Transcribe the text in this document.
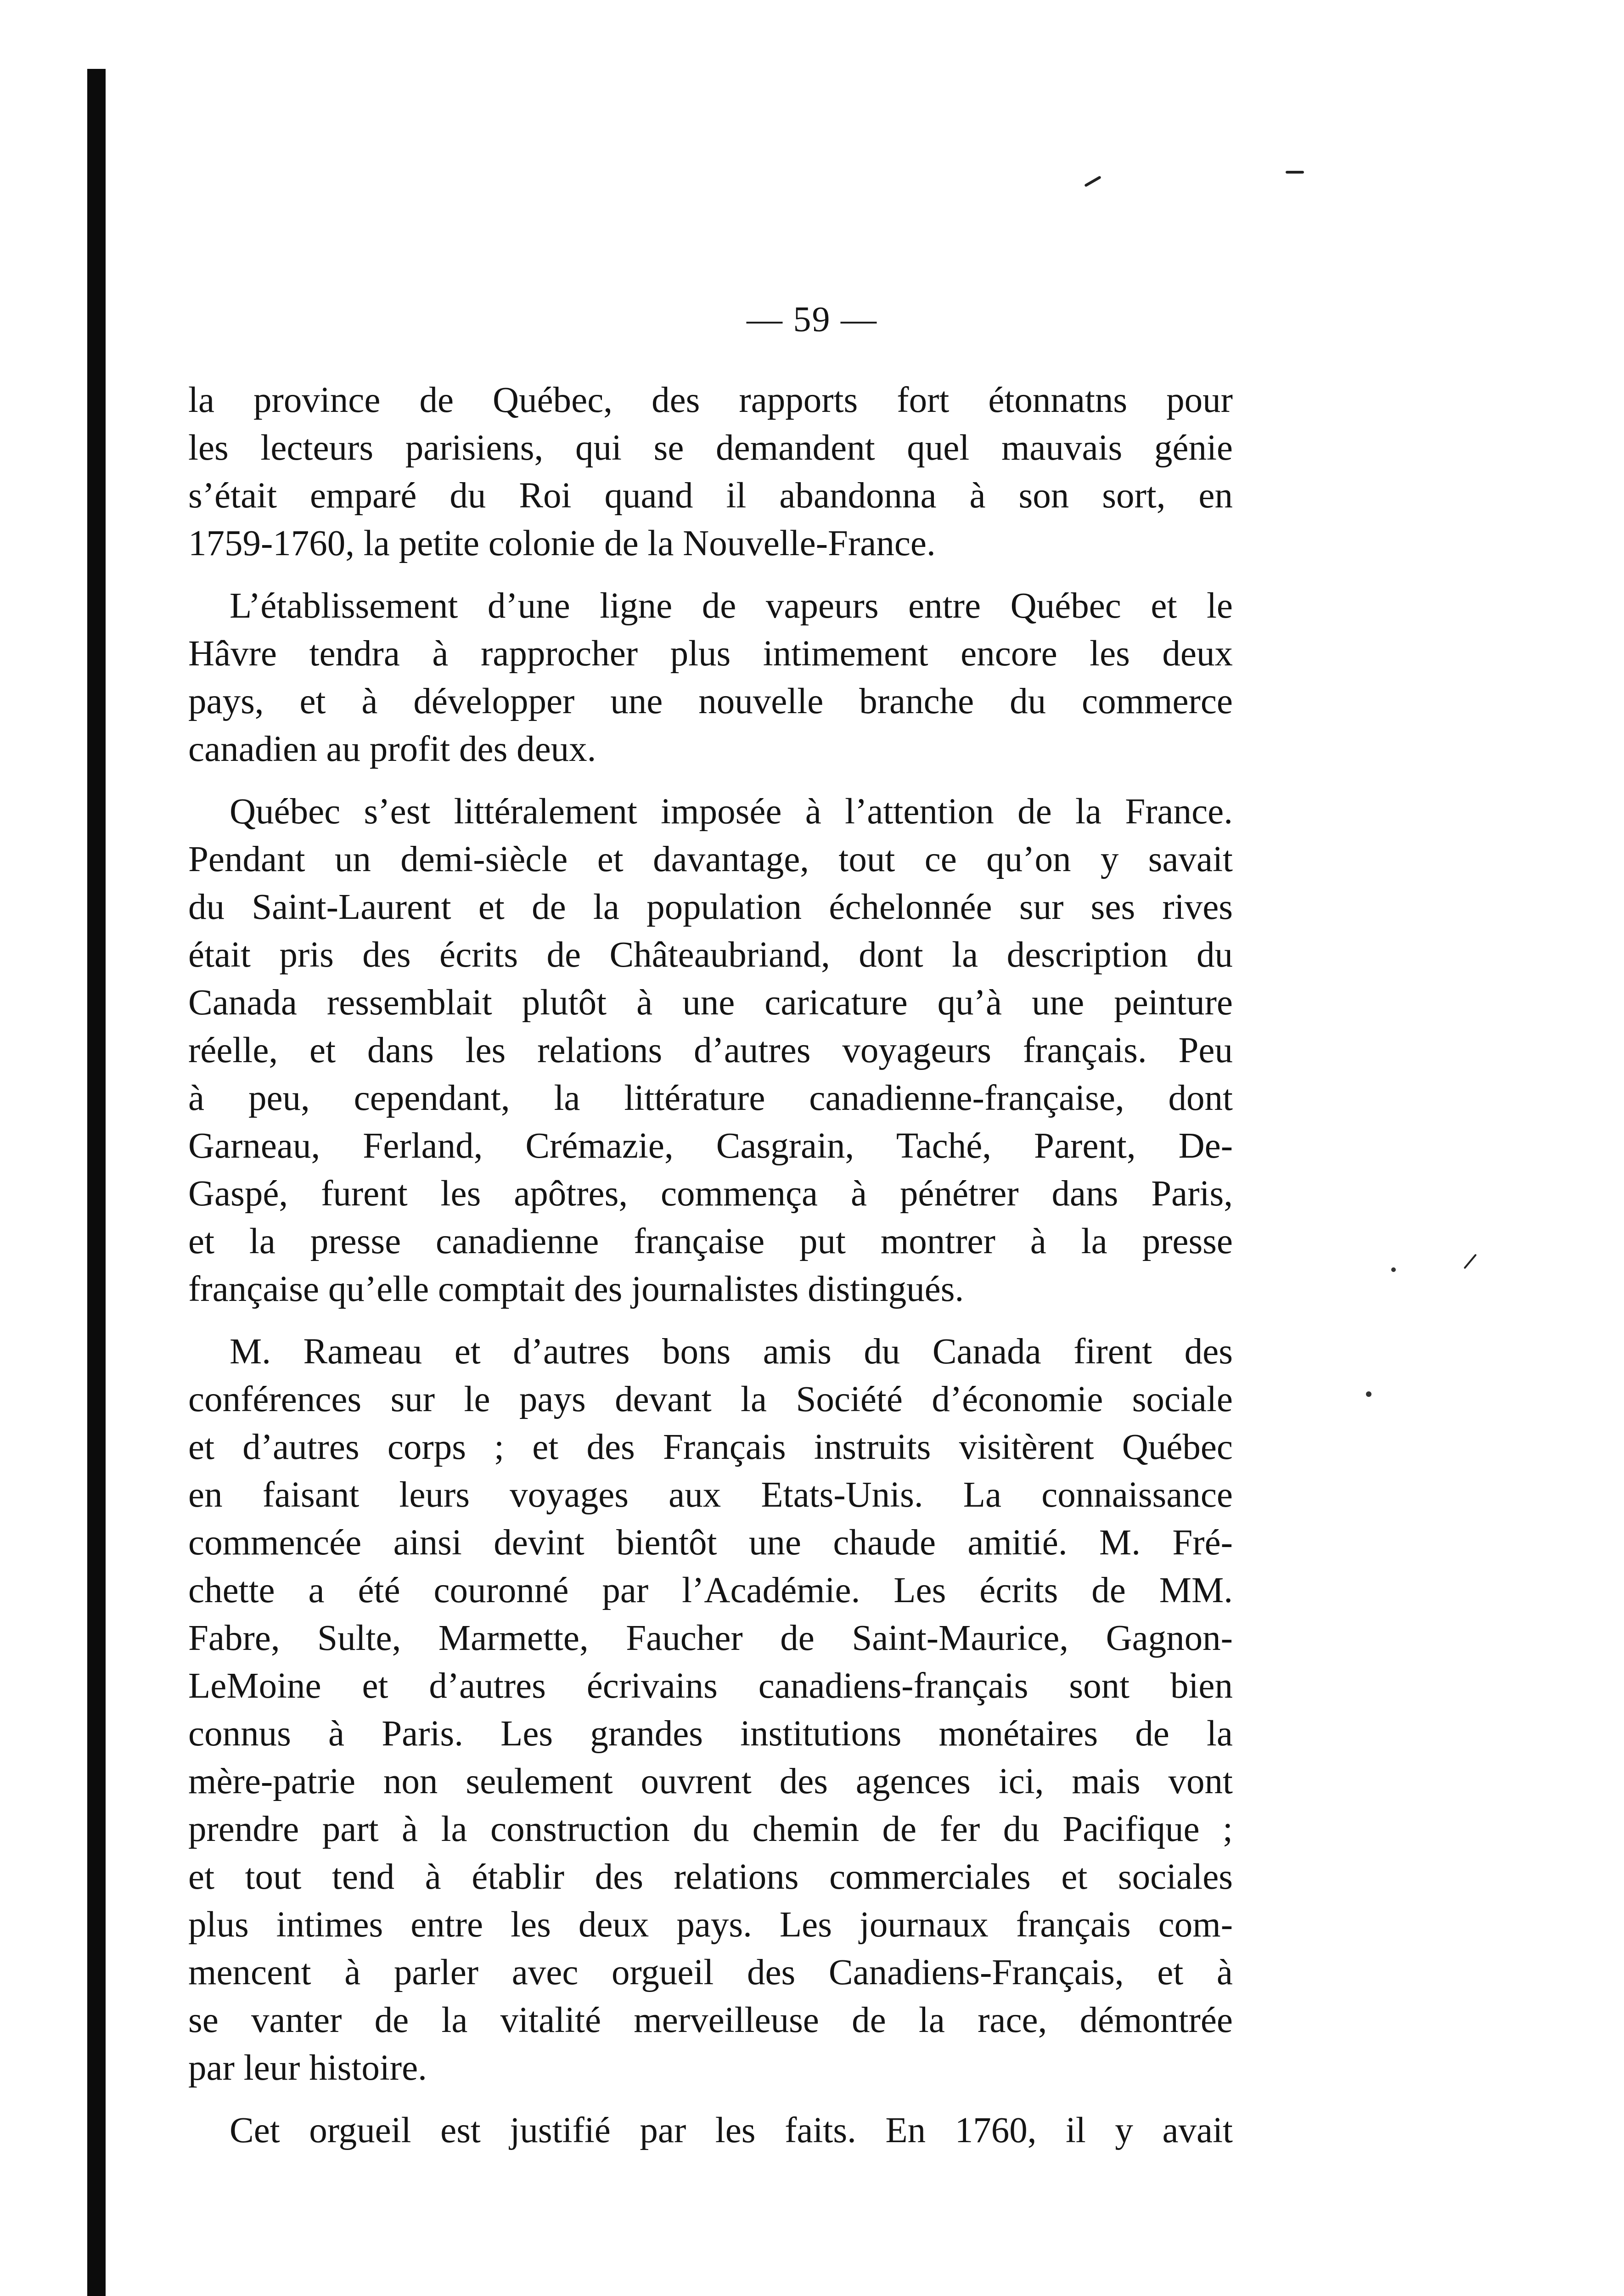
— 59 —

la province de Québec, des rapports fort étonnatns pour
les lecteurs parisiens, qui se demandent quel mauvais génie
s’était emparé du Roi quand il abandonna à son sort, en
1759-1760, la petite colonie de la Nouvelle-France.

L’établissement d’une ligne de vapeurs entre Québec et le
Hâvre tendra à rapprocher plus intimement encore les deux
pays, et à développer une nouvelle branche du commerce
canadien au profit des deux.

Québec s’est littéralement imposée à l’attention de la France.
Pendant un demi-siècle et davantage, tout ce qu’on y savait
du Saint-Laurent et de la population échelonnée sur ses rives
était pris des écrits de Châteaubriand, dont la description du
Canada ressemblait plutôt à une caricature qu’à une peinture
réelle, et dans les relations d’autres voyageurs français. Peu
à peu, cependant, la littérature canadienne-française, dont
Garneau, Ferland, Crémazie, Casgrain, Taché, Parent, De-
Gaspé, furent les apôtres, commença à pénétrer dans Paris,
et la presse canadienne française put montrer à la presse
française qu’elle comptait des journalistes distingués.

M. Rameau et d’autres bons amis du Canada firent des
conférences sur le pays devant la Société d’économie sociale
et d’autres corps ; et des Français instruits visitèrent Québec
en faisant leurs voyages aux Etats-Unis. La connaissance
commencée ainsi devint bientôt une chaude amitié. M. Fré-
chette a été couronné par l’Académie. Les écrits de MM.
Fabre, Sulte, Marmette, Faucher de Saint-Maurice, Gagnon-
LeMoine et d’autres écrivains canadiens-français sont bien
connus à Paris. Les grandes institutions monétaires de la
mère-patrie non seulement ouvrent des agences ici, mais vont
prendre part à la construction du chemin de fer du Pacifique ;
et tout tend à établir des relations commerciales et sociales
plus intimes entre les deux pays. Les journaux français com-
mencent à parler avec orgueil des Canadiens-Français, et à
se vanter de la vitalité merveilleuse de la race, démontrée
par leur histoire.

Cet orgueil est justifié par les faits. En 1760, il y avait
